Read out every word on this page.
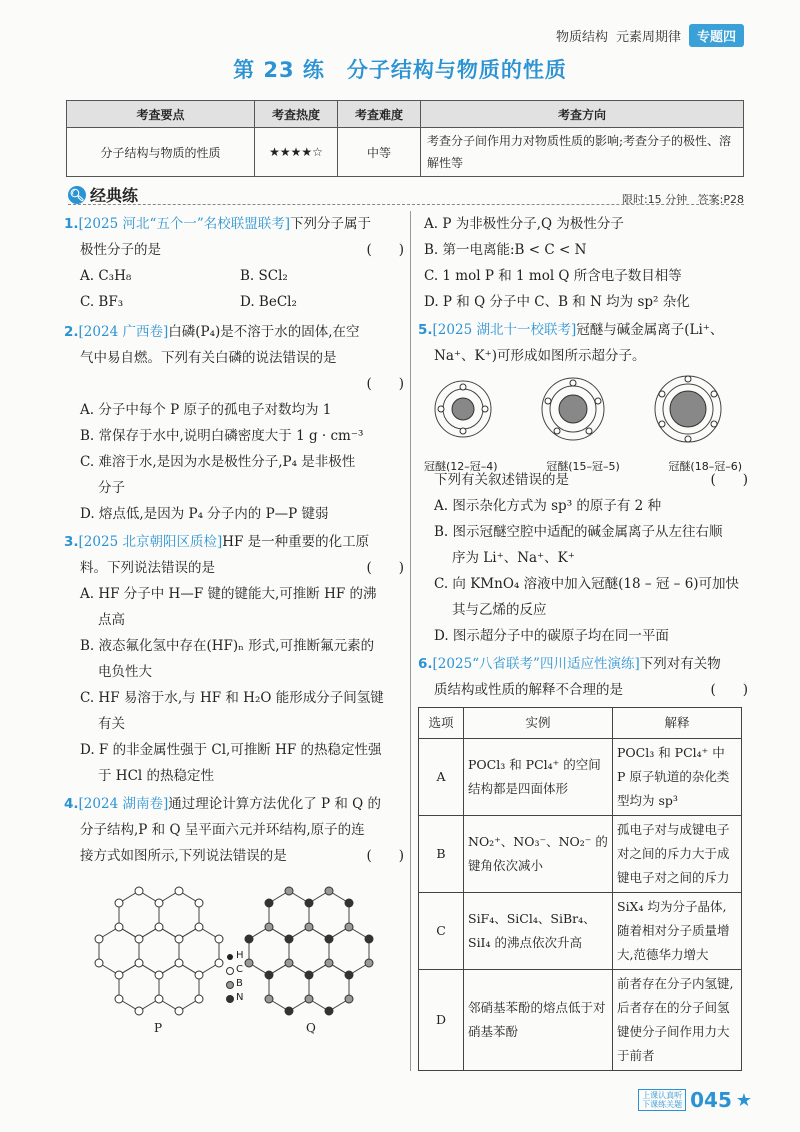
物质结构 元素周期律	专题四
第 23 练　分子结构与物质的性质
考查要点	考查热度	考查难度	考查方向
分子结构与物质的性质	★★★★☆	中等	考查分子间作用力对物质性质的影响;考查分子的极性、溶解性等
🔍︎ 经典练	限时:15 分钟 答案:P28
1.[2025 河北“五个一”名校联盟联考]下列分子属于
极性分子的是	(　　)
A. C₃H₈	B. SCl₂
C. BF₃	D. BeCl₂
2.[2024 广西卷]白磷(P₄)是不溶于水的固体,在空
气中易自燃。下列有关白磷的说法错误的是
(　　)
A. 分子中每个 P 原子的孤电子对数均为 1
B. 常保存于水中,说明白磷密度大于 1 g · cm⁻³
C. 难溶于水,是因为水是极性分子,P₄ 是非极性
分子
D. 熔点低,是因为 P₄ 分子内的 P—P 键弱
3.[2025 北京朝阳区质检]HF 是一种重要的化工原
料。下列说法错误的是	(　　)
A. HF 分子中 H—F 键的键能大,可推断 HF 的沸
点高
B. 液态氟化氢中存在(HF)ₙ 形式,可推断氟元素的
电负性大
C. HF 易溶于水,与 HF 和 H₂O 能形成分子间氢键
有关
D. F 的非金属性强于 Cl,可推断 HF 的热稳定性强
于 HCl 的热稳定性
4.[2024 湖南卷]通过理论计算方法优化了 P 和 Q 的
分子结构,P 和 Q 呈平面六元并环结构,原子的连
接方式如图所示,下列说法错误的是	(　　)
H
C
B
N
P	Q
A. P 为非极性分子,Q 为极性分子
B. 第一电离能:B < C < N
C. 1 mol P 和 1 mol Q 所含电子数目相等
D. P 和 Q 分子中 C、B 和 N 均为 sp² 杂化
5.[2025 湖北十一校联考]冠醚与碱金属离子(Li⁺、
Na⁺、K⁺)可形成如图所示超分子。
冠醚(12–冠–4)	冠醚(15–冠–5)	冠醚(18–冠–6)
下列有关叙述错误的是	(　　)
A. 图示杂化方式为 sp³ 的原子有 2 种
B. 图示冠醚空腔中适配的碱金属离子从左往右顺
序为 Li⁺、Na⁺、K⁺
C. 向 KMnO₄ 溶液中加入冠醚(18 – 冠 – 6)可加快
其与乙烯的反应
D. 图示超分子中的碳原子均在同一平面
6.[2025“八省联考”四川适应性演练]下列对有关物
质结构或性质的解释不合理的是	(　　)
选项	实例	解释
A	POCl₃ 和 PCl₄⁺ 的空间结构都是四面体形	POCl₃ 和 PCl₄⁺ 中 P 原子轨道的杂化类型均为 sp³
B	NO₂⁺、NO₃⁻、NO₂⁻ 的键角依次减小	孤电子对与成键电子对之间的斥力大于成键电子对之间的斥力
C	SiF₄、SiCl₄、SiBr₄、SiI₄ 的沸点依次升高	SiX₄ 均为分子晶体,随着相对分子质量增大,范德华力增大
D	邻硝基苯酚的熔点低于对硝基苯酚	前者存在分子内氢键,后者存在的分子间氢键使分子间作用力大于前者
上课认真听
下课练关题 045 ★
